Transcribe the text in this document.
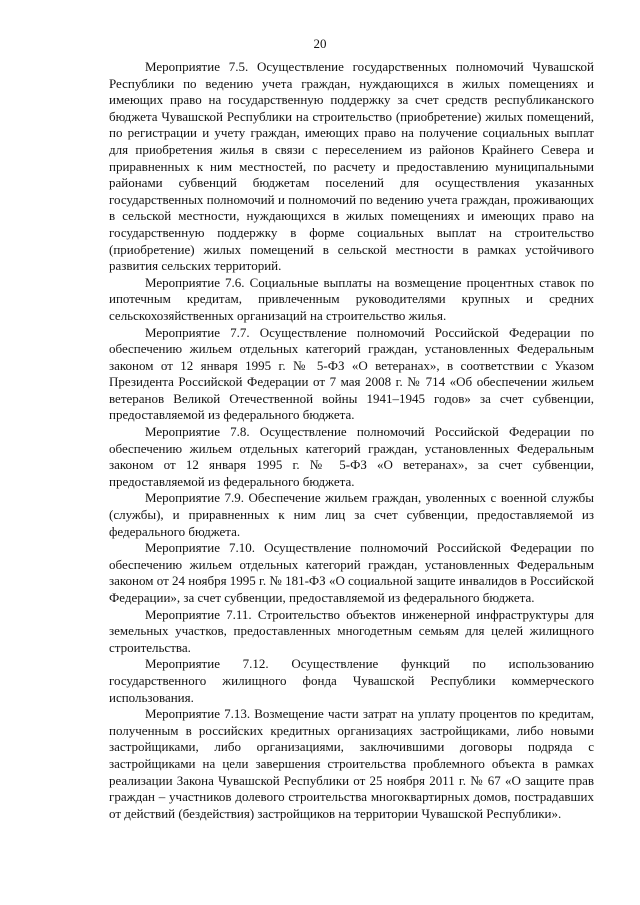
20

Мероприятие 7.5. Осуществление государственных полномочий Чувашской Республики по ведению учета граждан, нуждающихся в жилых помещениях и имеющих право на государственную поддержку за счет средств республиканского бюджета Чувашской Республики на строительство (приобретение) жилых помещений, по регистрации и учету граждан, имеющих право на получение социальных выплат для приобретения жилья в связи с переселением из районов Крайнего Севера и приравненных к ним местностей, по расчету и предоставлению муниципальными районами субвенций бюджетам поселений для осуществления указанных государственных полномочий и полномочий по ведению учета граждан, проживающих в сельской местности, нуждающихся в жилых помещениях и имеющих право на государственную поддержку в форме социальных выплат на строительство (приобретение) жилых помещений в сельской местности в рамках устойчивого развития сельских территорий.

Мероприятие 7.6. Социальные выплаты на возмещение процентных ставок по ипотечным кредитам, привлеченным руководителями крупных и средних сельскохозяйственных организаций на строительство жилья.

Мероприятие 7.7. Осуществление полномочий Российской Федерации по обеспечению жильем отдельных категорий граждан, установленных Федеральным законом от 12 января 1995 г. № 5-ФЗ «О ветеранах», в соответствии с Указом Президента Российской Федерации от 7 мая 2008 г. № 714 «Об обеспечении жильем ветеранов Великой Отечественной войны 1941–1945 годов» за счет субвенции, предоставляемой из федерального бюджета.

Мероприятие 7.8. Осуществление полномочий Российской Федерации по обеспечению жильем отдельных категорий граждан, установленных Федеральным законом от 12 января 1995 г. № 5-ФЗ «О ветеранах», за счет субвенции, предоставляемой из федерального бюджета.

Мероприятие 7.9. Обеспечение жильем граждан, уволенных с военной службы (службы), и приравненных к ним лиц за счет субвенции, предоставляемой из федерального бюджета.

Мероприятие 7.10. Осуществление полномочий Российской Федерации по обеспечению жильем отдельных категорий граждан, установленных Федеральным законом от 24 ноября 1995 г. № 181-ФЗ «О социальной защите инвалидов в Российской Федерации», за счет субвенции, предоставляемой из федерального бюджета.

Мероприятие 7.11. Строительство объектов инженерной инфраструктуры для земельных участков, предоставленных многодетным семьям для целей жилищного строительства.

Мероприятие 7.12. Осуществление функций по использованию государственного жилищного фонда Чувашской Республики коммерческого использования.

Мероприятие 7.13. Возмещение части затрат на уплату процентов по кредитам, полученным в российских кредитных организациях застройщиками, либо новыми застройщиками, либо организациями, заключившими договоры подряда с застройщиками на цели завершения строительства проблемного объекта в рамках реализации Закона Чувашской Республики от 25 ноября 2011 г. № 67 «О защите прав граждан – участников долевого строительства многоквартирных домов, пострадавших от действий (бездействия) застройщиков на территории Чувашской Республики».
